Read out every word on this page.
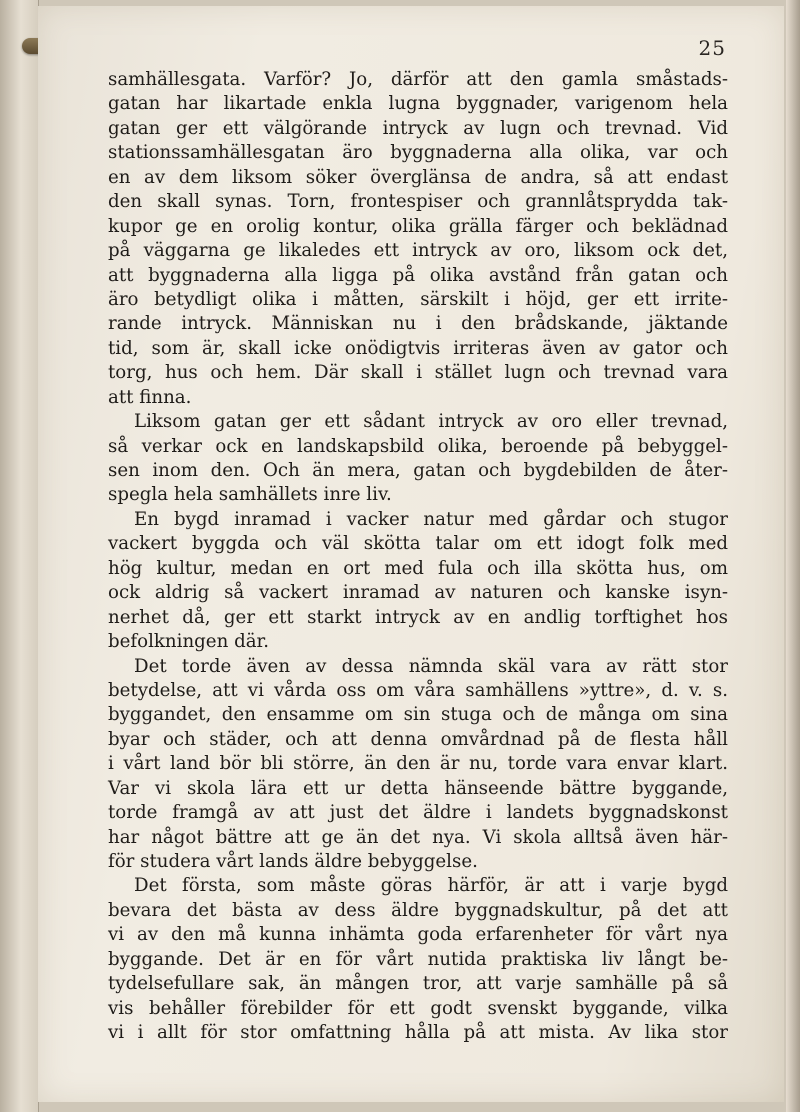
25
samhällesgata. Varför? Jo, därför att den gamla småstads-
gatan har likartade enkla lugna byggnader, varigenom hela
gatan ger ett välgörande intryck av lugn och trevnad. Vid
stationssamhällesgatan äro byggnaderna alla olika, var och
en av dem liksom söker överglänsa de andra, så att endast
den skall synas. Torn, frontespiser och grannlåtsprydda tak-
kupor ge en orolig kontur, olika grälla färger och beklädnad
på väggarna ge likaledes ett intryck av oro, liksom ock det,
att byggnaderna alla ligga på olika avstånd från gatan och
äro betydligt olika i måtten, särskilt i höjd, ger ett irrite-
rande intryck. Människan nu i den brådskande, jäktande
tid, som är, skall icke onödigtvis irriteras även av gator och
torg, hus och hem. Där skall i stället lugn och trevnad vara
att finna.
Liksom gatan ger ett sådant intryck av oro eller trevnad,
så verkar ock en landskapsbild olika, beroende på bebyggel-
sen inom den. Och än mera, gatan och bygdebilden de åter-
spegla hela samhällets inre liv.
En bygd inramad i vacker natur med gårdar och stugor
vackert byggda och väl skötta talar om ett idogt folk med
hög kultur, medan en ort med fula och illa skötta hus, om
ock aldrig så vackert inramad av naturen och kanske isyn-
nerhet då, ger ett starkt intryck av en andlig torftighet hos
befolkningen där.
Det torde även av dessa nämnda skäl vara av rätt stor
betydelse, att vi vårda oss om våra samhällens »yttre», d. v. s.
byggandet, den ensamme om sin stuga och de många om sina
byar och städer, och att denna omvårdnad på de flesta håll
i vårt land bör bli större, än den är nu, torde vara envar klart.
Var vi skola lära ett ur detta hänseende bättre byggande,
torde framgå av att just det äldre i landets byggnadskonst
har något bättre att ge än det nya. Vi skola alltså även här-
för studera vårt lands äldre bebyggelse.
Det första, som måste göras härför, är att i varje bygd
bevara det bästa av dess äldre byggnadskultur, på det att
vi av den må kunna inhämta goda erfarenheter för vårt nya
byggande. Det är en för vårt nutida praktiska liv långt be-
tydelsefullare sak, än mången tror, att varje samhälle på så
vis behåller förebilder för ett godt svenskt byggande, vilka
vi i allt för stor omfattning hålla på att mista. Av lika stor
